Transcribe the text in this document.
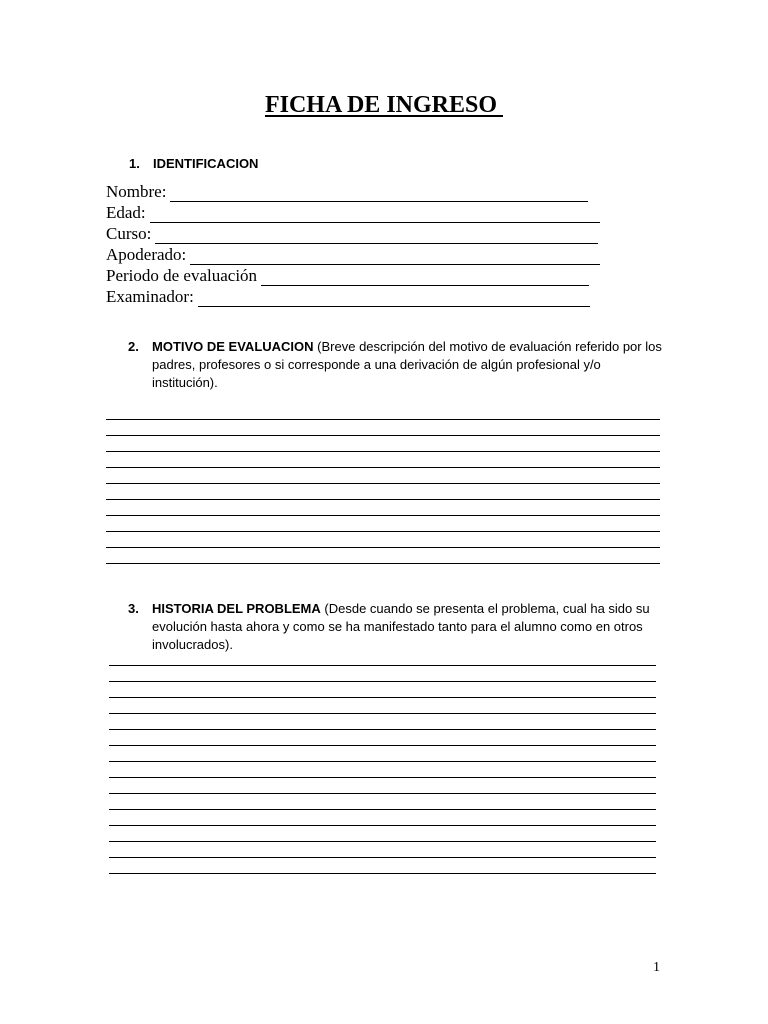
FICHA DE INGRESO
1. IDENTIFICACION
Nombre:
Edad:
Curso:
Apoderado:
Periodo de evaluación
Examinador:
2. MOTIVO DE EVALUACION (Breve descripción del motivo de evaluación referido por los padres, profesores o si corresponde a una derivación de algún profesional y/o institución).
3. HISTORIA DEL PROBLEMA (Desde cuando se presenta el problema, cual ha sido su evolución hasta ahora y como se ha manifestado tanto para el alumno como en otros involucrados).
1
